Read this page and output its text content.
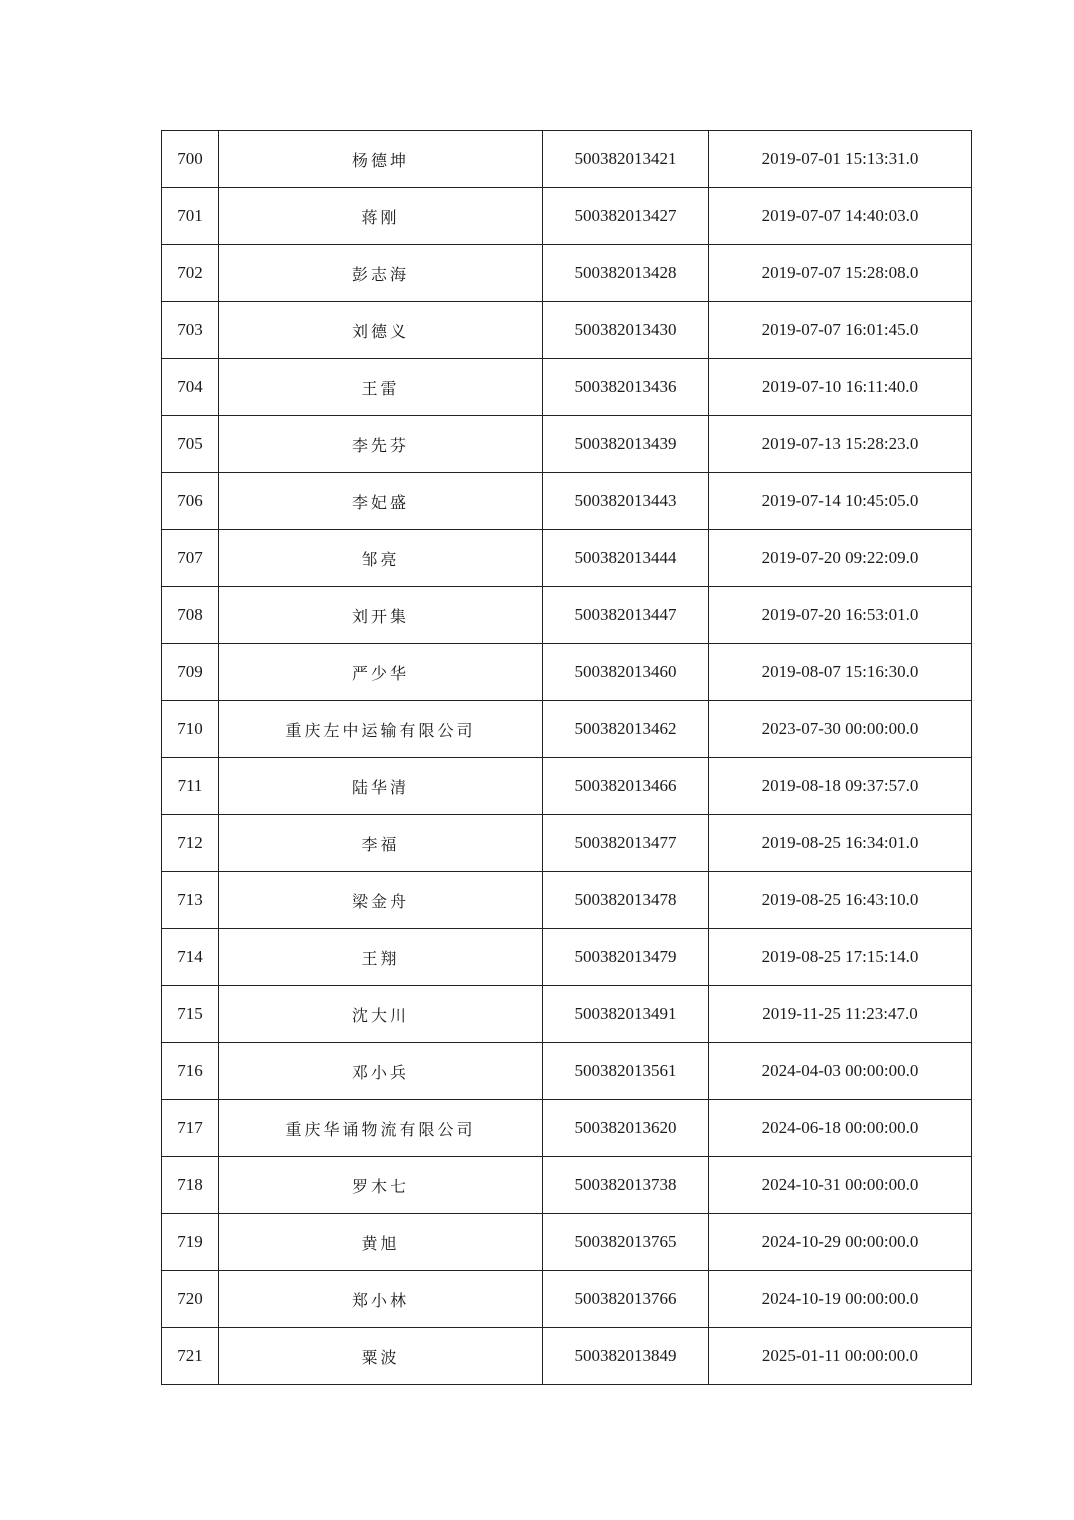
700	杨德坤	500382013421	2019-07-01 15:13:31.0
701	蒋刚	500382013427	2019-07-07 14:40:03.0
702	彭志海	500382013428	2019-07-07 15:28:08.0
703	刘德义	500382013430	2019-07-07 16:01:45.0
704	王雷	500382013436	2019-07-10 16:11:40.0
705	李先芬	500382013439	2019-07-13 15:28:23.0
706	李妃盛	500382013443	2019-07-14 10:45:05.0
707	邹亮	500382013444	2019-07-20 09:22:09.0
708	刘开集	500382013447	2019-07-20 16:53:01.0
709	严少华	500382013460	2019-08-07 15:16:30.0
710	重庆左中运输有限公司	500382013462	2023-07-30 00:00:00.0
711	陆华清	500382013466	2019-08-18 09:37:57.0
712	李福	500382013477	2019-08-25 16:34:01.0
713	梁金舟	500382013478	2019-08-25 16:43:10.0
714	王翔	500382013479	2019-08-25 17:15:14.0
715	沈大川	500382013491	2019-11-25 11:23:47.0
716	邓小兵	500382013561	2024-04-03 00:00:00.0
717	重庆华诵物流有限公司	500382013620	2024-06-18 00:00:00.0
718	罗木七	500382013738	2024-10-31 00:00:00.0
719	黄旭	500382013765	2024-10-29 00:00:00.0
720	郑小林	500382013766	2024-10-19 00:00:00.0
721	粟波	500382013849	2025-01-11 00:00:00.0
